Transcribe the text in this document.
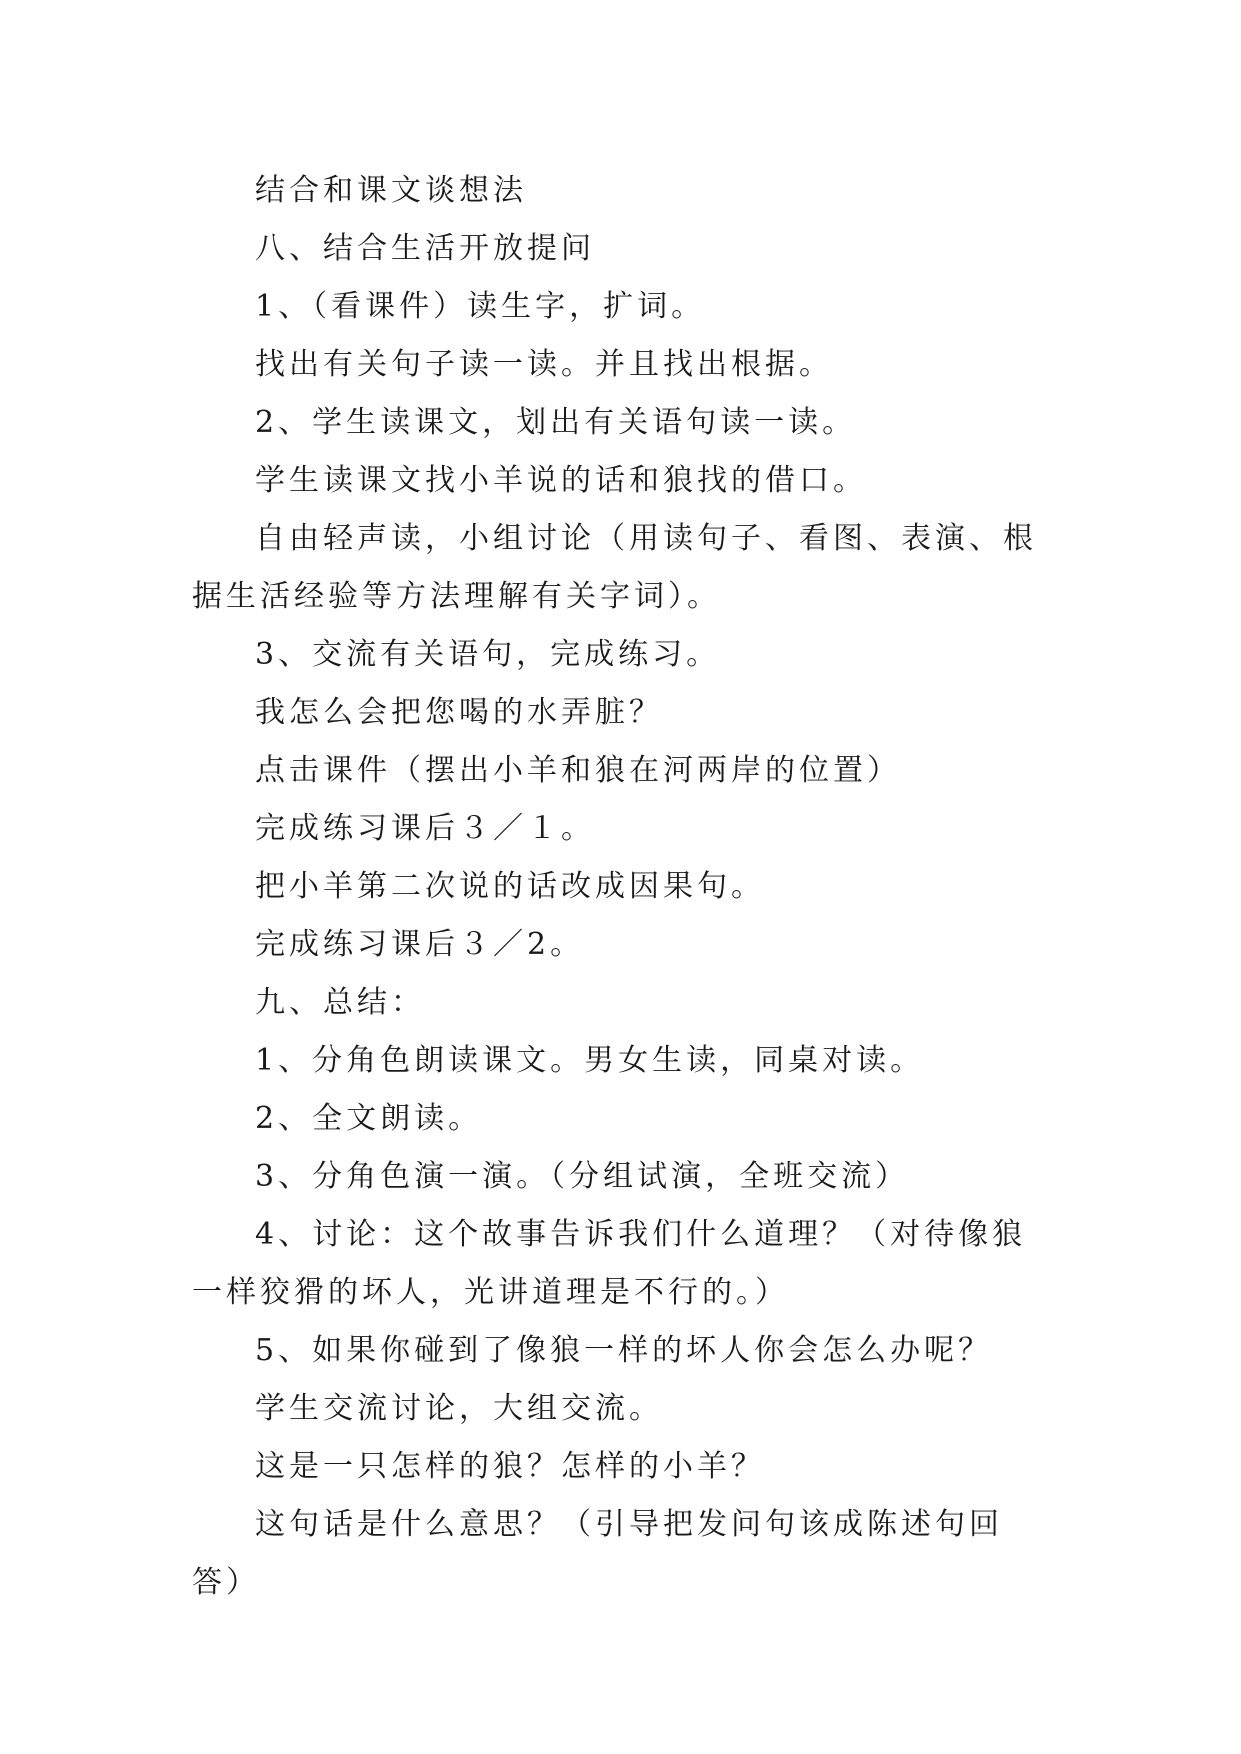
结合和课文谈想法

八、结合生活开放提问

1、（看课件）读生字，扩词。

找出有关句子读一读。并且找出根据。

2、学生读课文，划出有关语句读一读。

学生读课文找小羊说的话和狼找的借口。

自由轻声读，小组讨论（用读句子、看图、表演、根据生活经验等方法理解有关字词）。

3、交流有关语句，完成练习。

我怎么会把您喝的水弄脏？

点击课件（摆出小羊和狼在河两岸的位置）

完成练习课后３／１。

把小羊第二次说的话改成因果句。

完成练习课后３／2。

九、总结：

1、分角色朗读课文。男女生读，同桌对读。

2、全文朗读。

3、分角色演一演。（分组试演，全班交流）

4、讨论：这个故事告诉我们什么道理？（对待像狼一样狡猾的坏人，光讲道理是不行的。）

5、如果你碰到了像狼一样的坏人你会怎么办呢？

学生交流讨论，大组交流。

这是一只怎样的狼？怎样的小羊？

这句话是什么意思？（引导把发问句该成陈述句回答）
